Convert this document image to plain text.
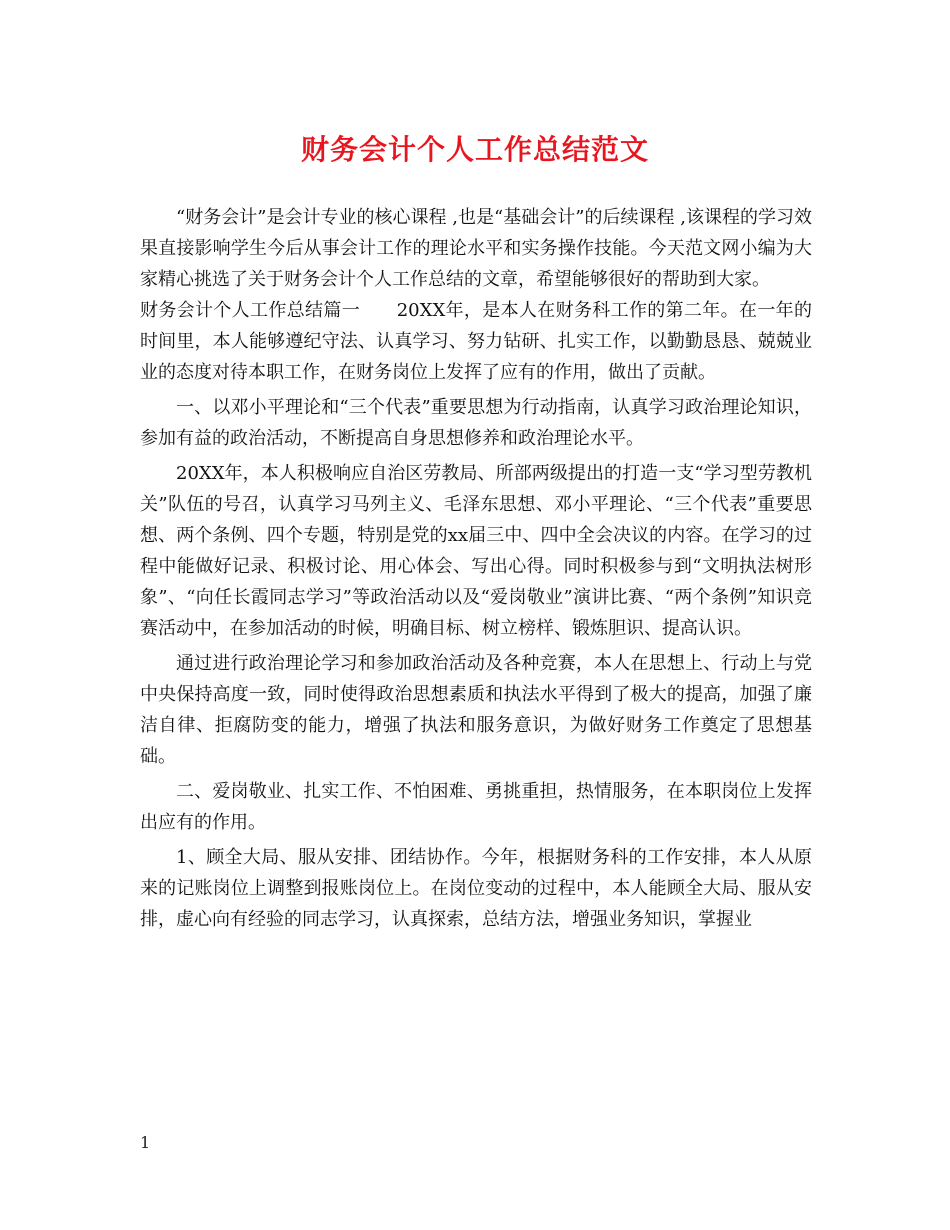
财务会计个人工作总结范文

“财务会计”是会计专业的核心课程 ,也是“基础会计”的后续课程 ,该课程的学习效果直接影响学生今后从事会计工作的理论水平和实务操作技能。今天范文网小编为大家精心挑选了关于财务会计个人工作总结的文章，希望能够很好的帮助到大家。

财务会计个人工作总结篇一　　20XX年，是本人在财务科工作的第二年。在一年的时间里，本人能够遵纪守法、认真学习、努力钻研、扎实工作，以勤勤恳恳、兢兢业业的态度对待本职工作，在财务岗位上发挥了应有的作用，做出了贡献。

一、以邓小平理论和“三个代表”重要思想为行动指南，认真学习政治理论知识，参加有益的政治活动，不断提高自身思想修养和政治理论水平。

20XX年，本人积极响应自治区劳教局、所部两级提出的打造一支“学习型劳教机关”队伍的号召，认真学习马列主义、毛泽东思想、邓小平理论、“三个代表”重要思想、两个条例、四个专题，特别是党的xx届三中、四中全会决议的内容。在学习的过程中能做好记录、积极讨论、用心体会、写出心得。同时积极参与到“文明执法树形象”、“向任长霞同志学习”等政治活动以及“爱岗敬业”演讲比赛、“两个条例”知识竞赛活动中，在参加活动的时候，明确目标、树立榜样、锻炼胆识、提高认识。

通过进行政治理论学习和参加政治活动及各种竞赛，本人在思想上、行动上与党中央保持高度一致，同时使得政治思想素质和执法水平得到了极大的提高，加强了廉洁自律、拒腐防变的能力，增强了执法和服务意识，为做好财务工作奠定了思想基础。

二、爱岗敬业、扎实工作、不怕困难、勇挑重担，热情服务，在本职岗位上发挥出应有的作用。

1、顾全大局、服从安排、团结协作。今年，根据财务科的工作安排，本人从原来的记账岗位上调整到报账岗位上。在岗位变动的过程中，本人能顾全大局、服从安排，虚心向有经验的同志学习，认真探索，总结方法，增强业务知识，掌握业

1
